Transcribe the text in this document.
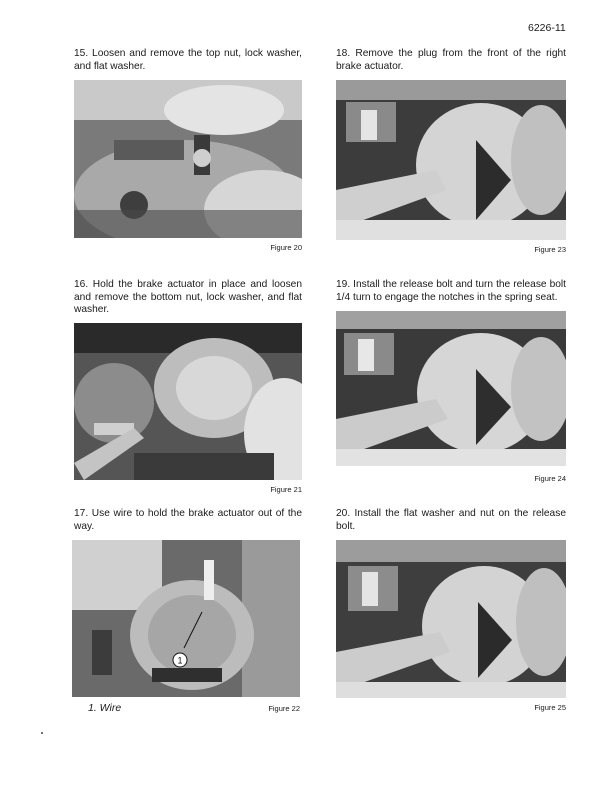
6226-11

15. Loosen and remove the top nut, lock washer, and flat washer.

Figure 20

16. Hold the brake actuator in place and loosen and remove the bottom nut, lock washer, and flat washer.

Figure 21

17. Use wire to hold the brake actuator out of the way.

1
1. Wire	Figure 22

18. Remove the plug from the front of the right brake actuator.

Figure 23

19. Install the release bolt and turn the release bolt 1/4 turn to engage the notches in the spring seat.

Figure 24

20. Install the flat washer and nut on the release bolt.

Figure 25
